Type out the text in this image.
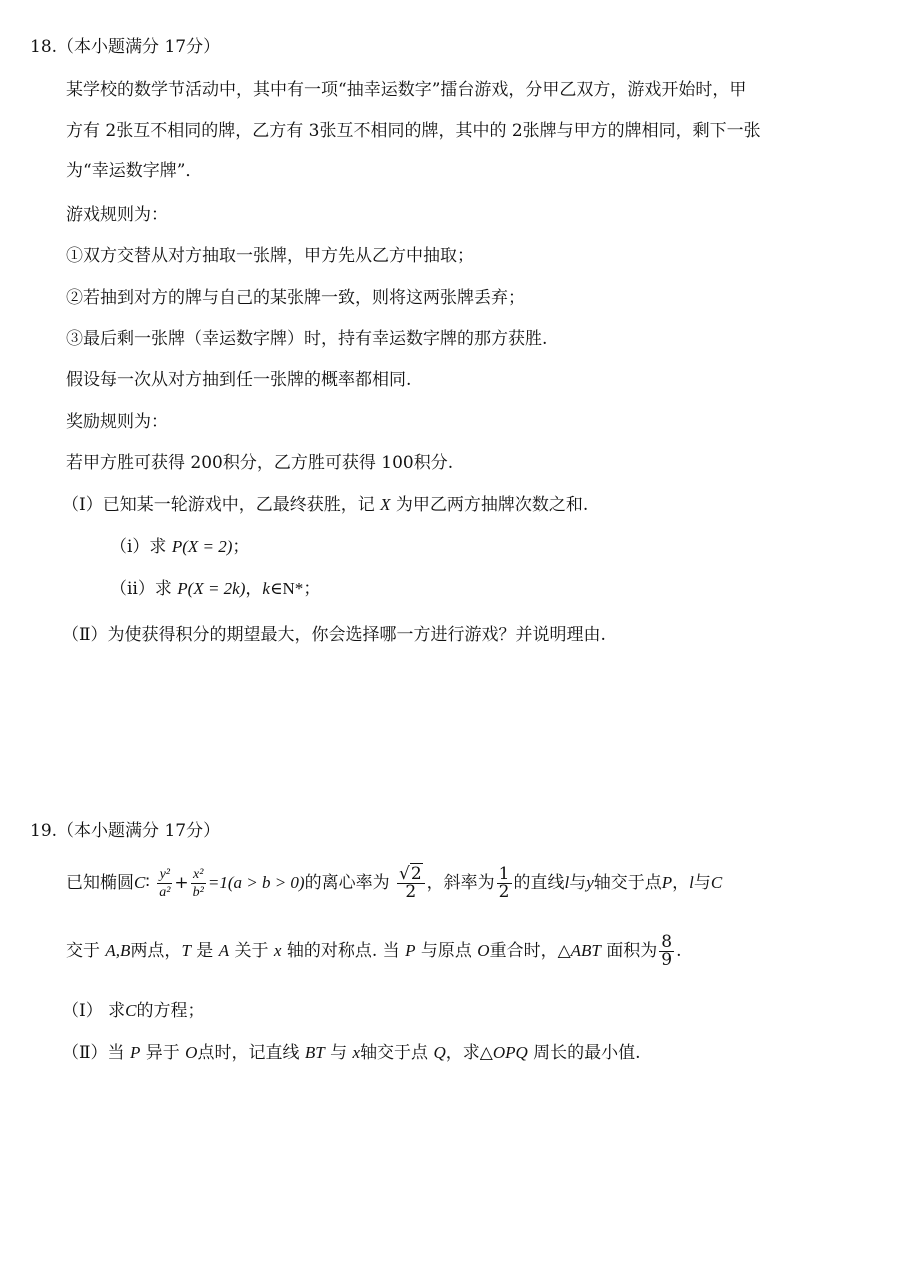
18.（本小题满分 17分）
某学校的数学节活动中，其中有一项“抽幸运数字”擂台游戏，分甲乙双方，游戏开始时，甲
方有 2张互不相同的牌，乙方有 3张互不相同的牌，其中的 2张牌与甲方的牌相同，剩下一张
为“幸运数字牌”．
游戏规则为：
①双方交替从对方抽取一张牌，甲方先从乙方中抽取；
②若抽到对方的牌与自己的某张牌一致，则将这两张牌丢弃；
③最后剩一张牌（幸运数字牌）时，持有幸运数字牌的那方获胜.
假设每一次从对方抽到任一张牌的概率都相同.
奖励规则为：
若甲方胜可获得 200积分，乙方胜可获得 100积分.
（Ⅰ）已知某一轮游戏中，乙最终获胜，记 X 为甲乙两方抽牌次数之和.
（ⅰ）求 P(X = 2)；
（ⅱ）求 P(X = 2k)，k∈N*；
（Ⅱ）为使获得积分的期望最大，你会选择哪一方进行游戏？并说明理由.
19.（本小题满分 17分）
已知椭圆C∶ $\frac{\text{y²}}{\text{a²}} + \frac{\text{x²}}{\text{b²}} =1(a > b > 0)$的离心率为 $\frac{√2}{2}$ ，斜率为 $\frac{1}{2}$ 的直线l与y轴交于点P，l与C
交于 A,B两点，T 是 A 关于 x 轴的对称点. 当 P 与原点 O重合时，△ABT 面积为 $\frac{8}{9}$ .
（Ⅰ） 求C的方程；
（Ⅱ）当 P 异于 O点时，记直线 BT 与 x轴交于点 Q，求△OPQ 周长的最小值.
